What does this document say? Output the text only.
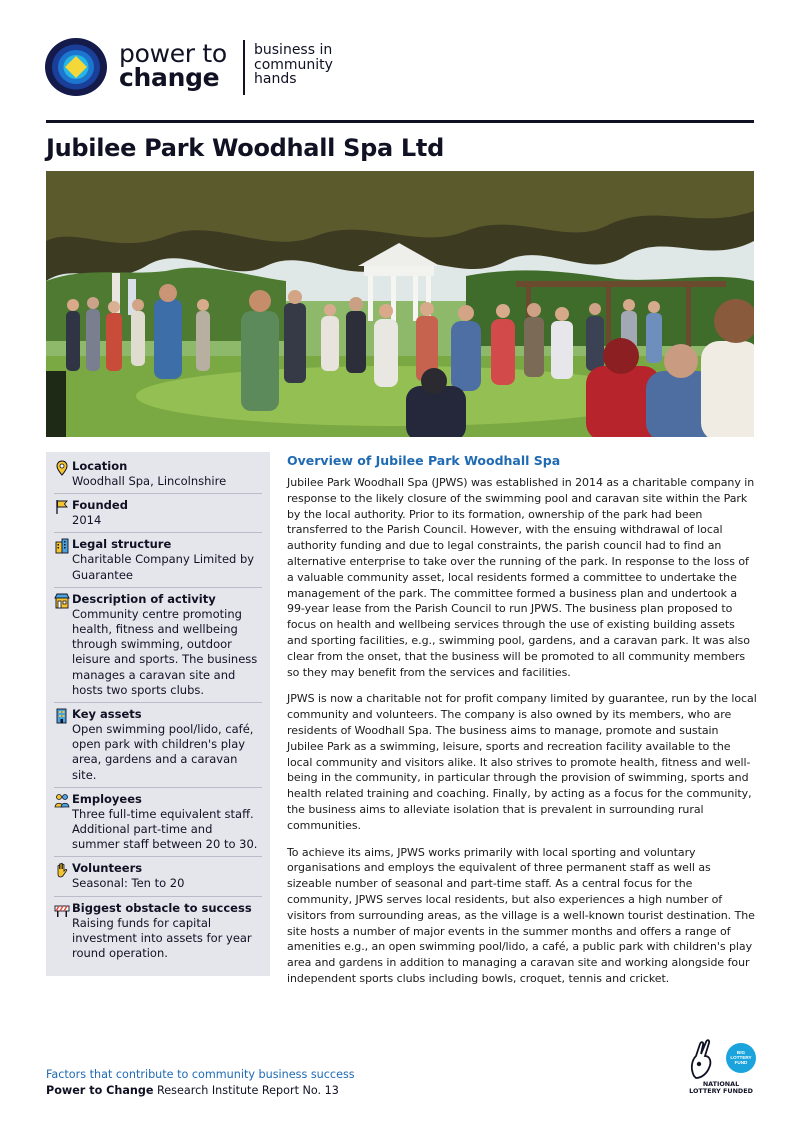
power to
change
business in
community
hands
Jubilee Park Woodhall Spa Ltd
Location
Woodhall Spa, Lincolnshire
Founded
2014
Legal structure
Charitable Company Limited by Guarantee
Description of activity
Community centre promoting health, fitness and wellbeing through swimming, outdoor leisure and sports. The business manages a caravan site and hosts two sports clubs.
Key assets
Open swimming pool/lido, café, open park with children's play area, gardens and a caravan site.
Employees
Three full-time equivalent staff. Additional part-time and summer staff between 20 to 30.
Volunteers
Seasonal: Ten to 20
Biggest obstacle to success
Raising funds for capital investment into assets for year round operation.
Overview of Jubilee Park Woodhall Spa

Jubilee Park Woodhall Spa (JPWS) was established in 2014 as a charitable company in response to the likely closure of the swimming pool and caravan site within the Park by the local authority. Prior to its formation, ownership of the park had been transferred to the Parish Council. However, with the ensuing withdrawal of local authority funding and due to legal constraints, the parish council had to find an alternative enterprise to take over the running of the park. In response to the loss of a valuable community asset, local residents formed a committee to undertake the management of the park. The committee formed a business plan and undertook a 99-year lease from the Parish Council to run JPWS. The business plan proposed to focus on health and wellbeing services through the use of existing building assets and sporting facilities, e.g., swimming pool, gardens, and a caravan park. It was also clear from the onset, that the business will be promoted to all community members so they may benefit from the services and facilities.

JPWS is now a charitable not for profit company limited by guarantee, run by the local community and volunteers. The company is also owned by its members, who are residents of Woodhall Spa. The business aims to manage, promote and sustain Jubilee Park as a swimming, leisure, sports and recreation facility available to the local community and visitors alike. It also strives to promote health, fitness and well-being in the community, in particular through the provision of swimming, sports and health related training and coaching. Finally, by acting as a focus for the community, the business aims to alleviate isolation that is prevalent in surrounding rural communities.

To achieve its aims, JPWS works primarily with local sporting and voluntary organisations and employs the equivalent of three permanent staff as well as sizeable number of seasonal and part-time staff. As a central focus for the community, JPWS serves local residents, but also experiences a high number of visitors from surrounding areas, as the village is a well-known tourist destination. The site hosts a number of major events in the summer months and offers a range of amenities e.g., an open swimming pool/lido, a café, a public park with children's play area and gardens in addition to managing a caravan site and working alongside four independent sports clubs including bowls, croquet, tennis and cricket.

Factors that contribute to community business success
Power to Change Research Institute Report No. 13
BIG
LOTTERY
FUND
NATIONAL
LOTTERY FUNDED
